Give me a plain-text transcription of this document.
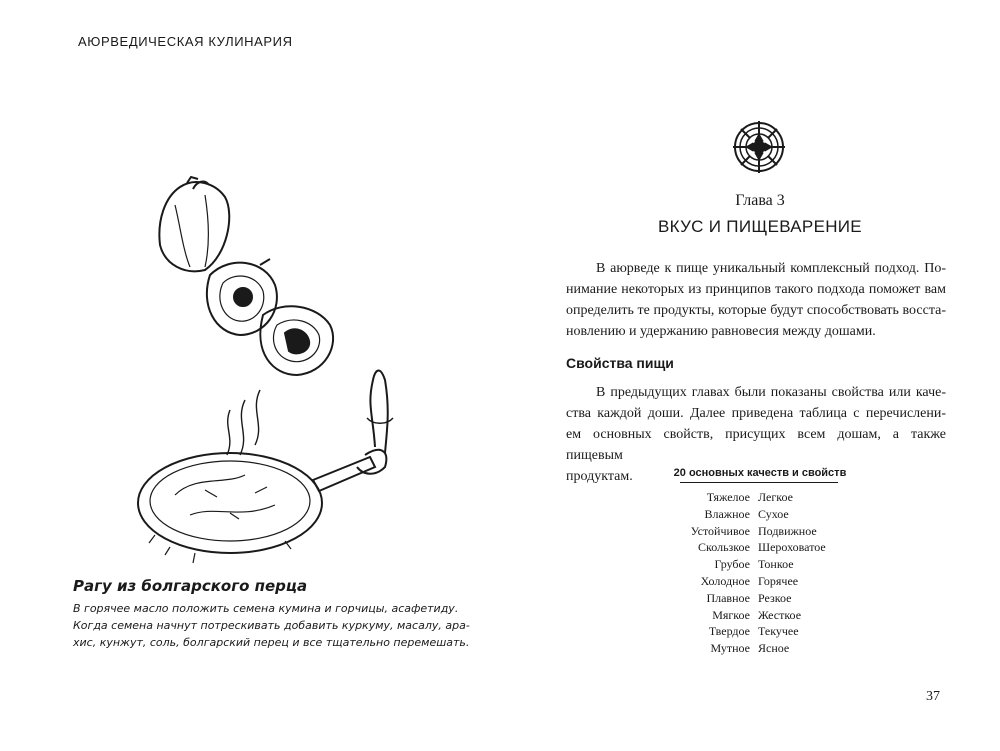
АЮРВЕДИЧЕСКАЯ КУЛИНАРИЯ
Рагу из болгарского перца
В горячее масло положить семена кумина и горчицы, асафетиду.
Когда семена начнут потрескивать добавить куркуму, масалу, ара-
хис, кунжут, соль, болгарский перец и все тщательно перемешать.
Глава 3
ВКУС И ПИЩЕВАРЕНИЕ
В аюрведе к пище уникальный комплексный подход. По-
нимание некоторых из принципов такого подхода поможет вам
определить те продукты, которые будут способствовать восста-
новлению и удержанию равновесия между дошами.
Свойства пищи
В предыдущих главах были показаны свойства или каче-
ства каждой доши. Далее приведена таблица с перечислени-
ем основных свойств, присущих всем дошам, а также пищевым
продуктам.	20 основных качеств и свойств
Тяжелое Легкое
Влажное Сухое
Устойчивое Подвижное
Скользкое Шероховатое
Грубое Тонкое
Холодное Горячее
Плавное Резкое
Мягкое Жесткое
Твердое Текучее
Мутное Ясное
37
